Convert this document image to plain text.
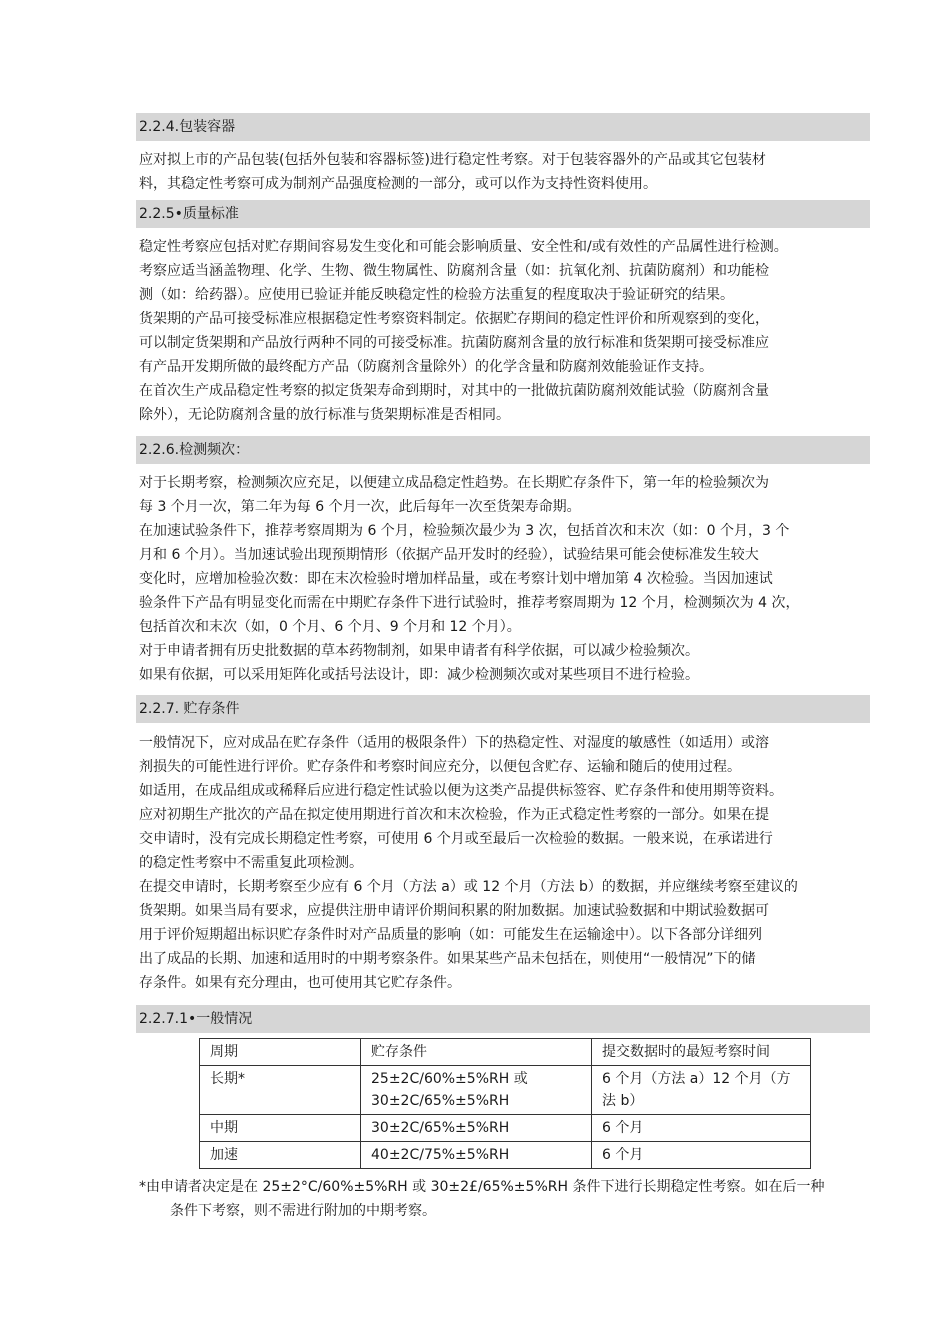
2.2.4.包装容器

应对拟上市的产品包装(包括外包装和容器标签)进行稳定性考察。对于包装容器外的产品或其它包装材
料，其稳定性考察可成为制剂产品强度检测的一部分，或可以作为支持性资料使用。

2.2.5•质量标准

稳定性考察应包括对贮存期间容易发生变化和可能会影响质量、安全性和/或有效性的产品属性进行检测。
考察应适当涵盖物理、化学、生物、微生物属性、防腐剂含量（如：抗氧化剂、抗菌防腐剂）和功能检
测（如：给药器）。应使用已验证并能反映稳定性的检验方法重复的程度取决于验证研究的结果。
货架期的产品可接受标准应根据稳定性考察资料制定。依据贮存期间的稳定性评价和所观察到的变化，
可以制定货架期和产品放行两种不同的可接受标准。抗菌防腐剂含量的放行标准和货架期可接受标准应
有产品开发期所做的最终配方产品（防腐剂含量除外）的化学含量和防腐剂效能验证作支持。
在首次生产成品稳定性考察的拟定货架寿命到期时，对其中的一批做抗菌防腐剂效能试验（防腐剂含量
除外），无论防腐剂含量的放行标准与货架期标准是否相同。

2.2.6.检测频次：

对于长期考察，检测频次应充足，以便建立成品稳定性趋势。在长期贮存条件下，第一年的检验频次为
每 3 个月一次，第二年为每 6 个月一次，此后每年一次至货架寿命期。
在加速试验条件下，推荐考察周期为 6 个月，检验频次最少为 3 次，包括首次和末次（如：0 个月，3 个
月和 6 个月）。当加速试验出现预期情形（依据产品开发时的经验），试验结果可能会使标准发生较大
变化时，应增加检验次数：即在末次检验时增加样品量，或在考察计划中增加第 4 次检验。当因加速试
验条件下产品有明显变化而需在中期贮存条件下进行试验时，推荐考察周期为 12 个月，检测频次为 4 次，
包括首次和末次（如，0 个月、6 个月、9 个月和 12 个月）。
对于申请者拥有历史批数据的草本药物制剂，如果申请者有科学依据，可以减少检验频次。
如果有依据，可以采用矩阵化或括号法设计，即：减少检测频次或对某些项目不进行检验。

2.2.7. 贮存条件

一般情况下，应对成品在贮存条件（适用的极限条件）下的热稳定性、对湿度的敏感性（如适用）或溶
剂损失的可能性进行评价。贮存条件和考察时间应充分，以便包含贮存、运输和随后的使用过程。
如适用，在成品组成或稀释后应进行稳定性试验以便为这类产品提供标签容、贮存条件和使用期等资料。
应对初期生产批次的产品在拟定使用期进行首次和末次检验，作为正式稳定性考察的一部分。如果在提
交申请时，没有完成长期稳定性考察，可使用 6 个月或至最后一次检验的数据。一般来说，在承诺进行
的稳定性考察中不需重复此项检测。
在提交申请时，长期考察至少应有 6 个月（方法 a）或 12 个月（方法 b）的数据，并应继续考察至建议的
货架期。如果当局有要求，应提供注册申请评价期间积累的附加数据。加速试验数据和中期试验数据可
用于评价短期超出标识贮存条件时对产品质量的影响（如：可能发生在运输途中）。以下各部分详细列
出了成品的长期、加速和适用时的中期考察条件。如果某些产品未包括在，则使用“一般情况”下的储
存条件。如果有充分理由，也可使用其它贮存条件。

2.2.7.1•一般情况
周期	贮存条件	提交数据时的最短考察时间
长期*	25±2C/60%±5%RH 或 30±2C/65%±5%RH	6 个月（方法 a）12 个月（方法 b）
中期	30±2C/65%±5%RH	6 个月
加速	40±2C/75%±5%RH	6 个月
*由申请者决定是在 25±2°C/60%±5%RH 或 30±2£/65%±5%RH 条件下进行长期稳定性考察。如在后一种
条件下考察，则不需进行附加的中期考察。
